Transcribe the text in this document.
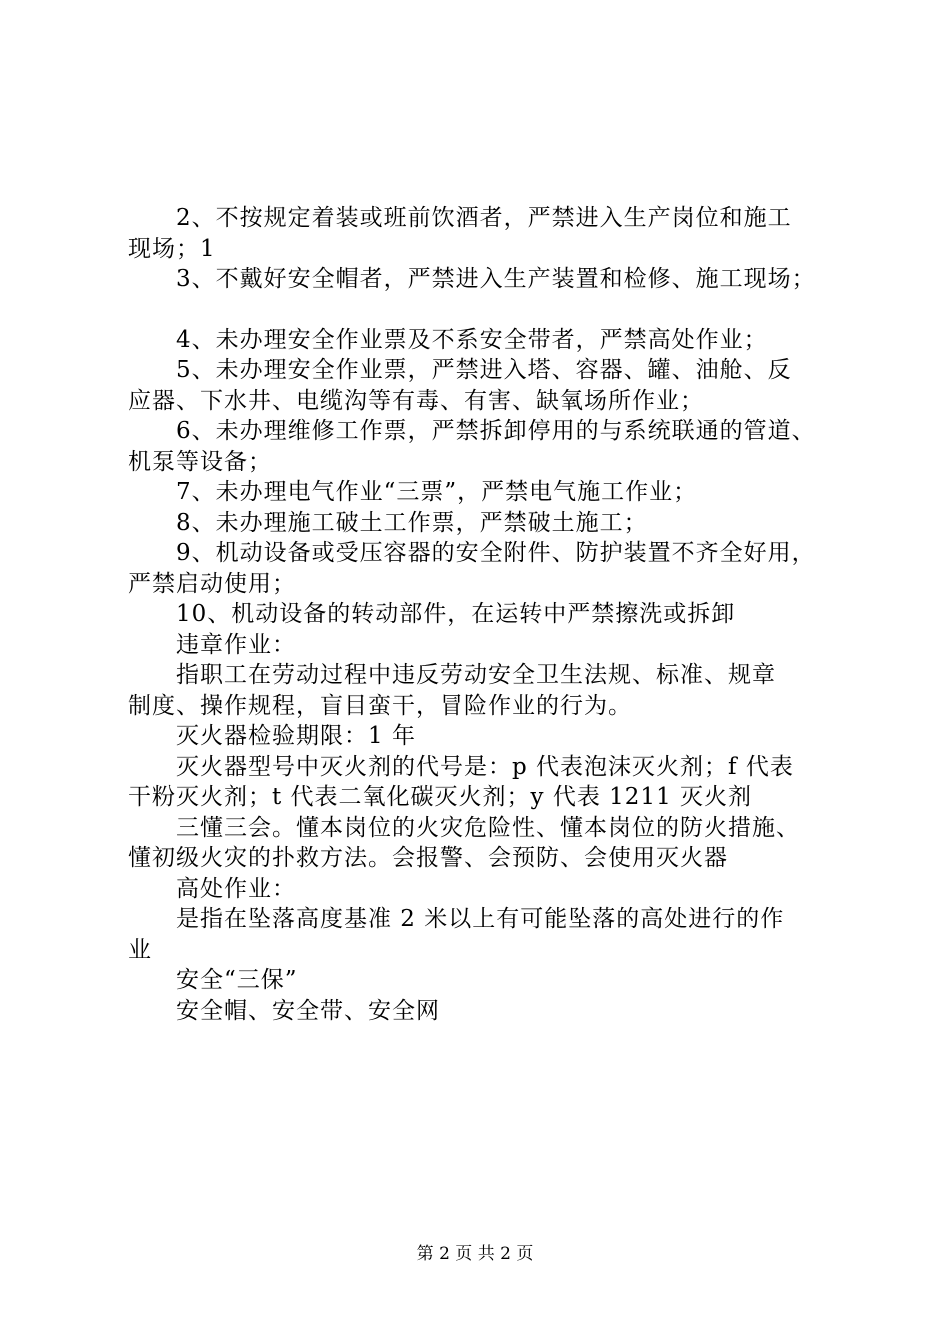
2、不按规定着装或班前饮酒者，严禁进入生产岗位和施工
现场；1
3、不戴好安全帽者，严禁进入生产装置和检修、施工现场；
4、未办理安全作业票及不系安全带者，严禁高处作业；
5、未办理安全作业票，严禁进入塔、容器、罐、油舱、反
应器、下水井、电缆沟等有毒、有害、缺氧场所作业；
6、未办理维修工作票，严禁拆卸停用的与系统联通的管道、
机泵等设备；
7、未办理电气作业“三票”，严禁电气施工作业；
8、未办理施工破土工作票，严禁破土施工；
9、机动设备或受压容器的安全附件、防护装置不齐全好用，
严禁启动使用；
10、机动设备的转动部件，在运转中严禁擦洗或拆卸
违章作业：
指职工在劳动过程中违反劳动安全卫生法规、标准、规章
制度、操作规程，盲目蛮干，冒险作业的行为。
灭火器检验期限：1 年
灭火器型号中灭火剂的代号是：p 代表泡沫灭火剂；f 代表
干粉灭火剂；t 代表二氧化碳灭火剂；y 代表 1211 灭火剂
三懂三会。懂本岗位的火灾危险性、懂本岗位的防火措施、
懂初级火灾的扑救方法。会报警、会预防、会使用灭火器
高处作业：
是指在坠落高度基准 2 米以上有可能坠落的高处进行的作
业
安全“三保”
安全帽、安全带、安全网
第 2 页 共 2 页
